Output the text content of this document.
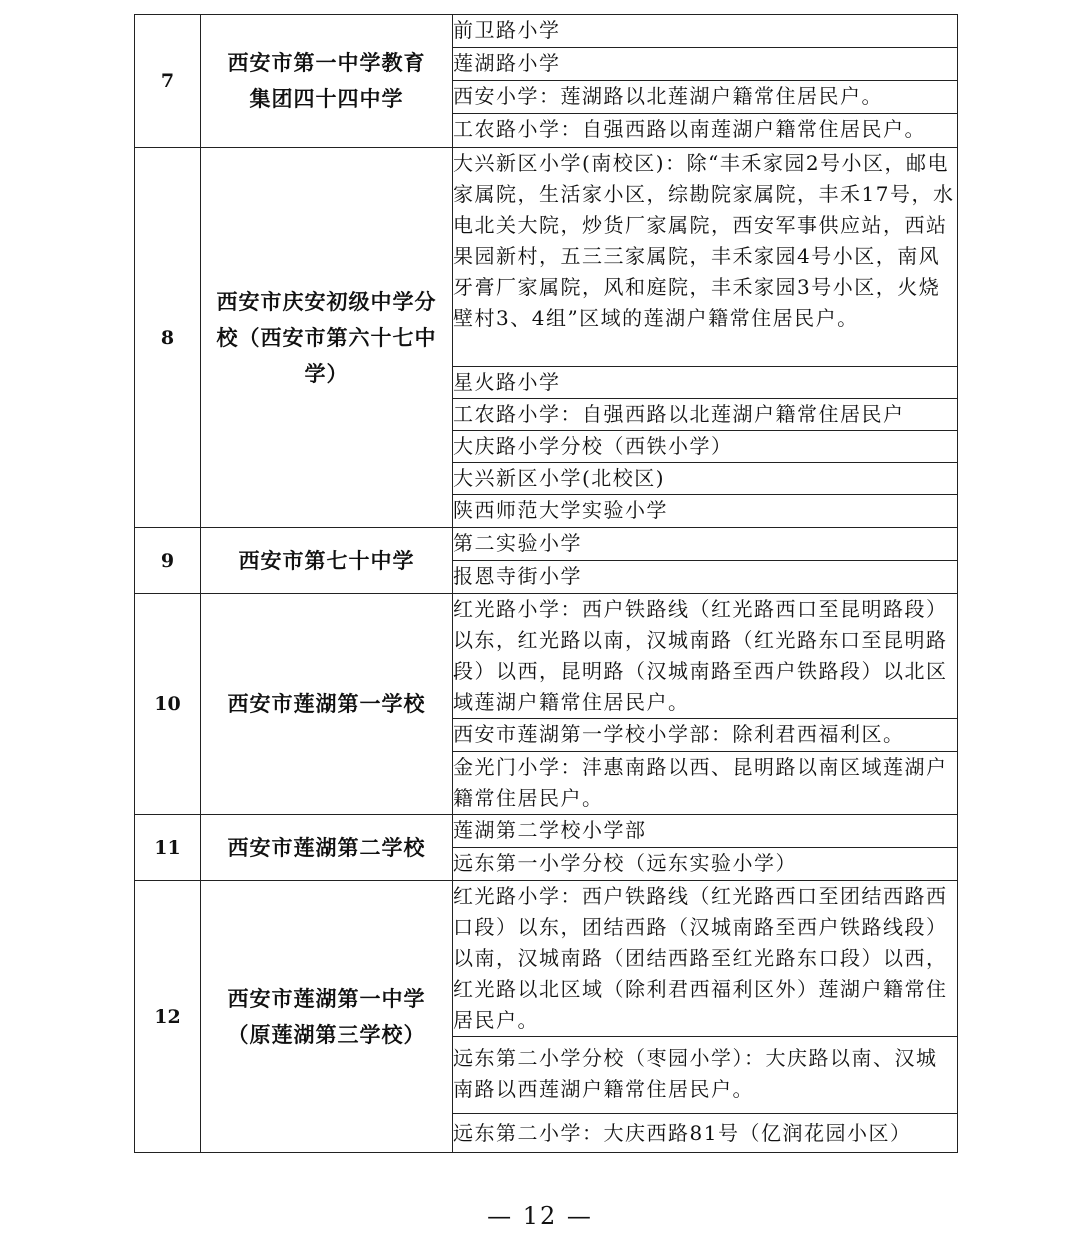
7	西安市第一中学教育集团四十四中学	前卫路小学
		莲湖路小学
		西安小学：莲湖路以北莲湖户籍常住居民户。
		工农路小学：自强西路以南莲湖户籍常住居民户。
8	西安市庆安初级中学分校（西安市第六十七中学）	大兴新区小学(南校区)：除“丰禾家园2号小区，邮电家属院，生活家小区，综勘院家属院，丰禾17号，水电北关大院，炒货厂家属院，西安军事供应站，西站果园新村，五三三家属院，丰禾家园4号小区，南风牙膏厂家属院，风和庭院，丰禾家园3号小区，火烧壁村3、4组”区域的莲湖户籍常住居民户。
		星火路小学
		工农路小学：自强西路以北莲湖户籍常住居民户
		大庆路小学分校（西铁小学）
		大兴新区小学(北校区)
		陕西师范大学实验小学
9	西安市第七十中学	第二实验小学
		报恩寺街小学
10	西安市莲湖第一学校	红光路小学：西户铁路线（红光路西口至昆明路段）以东，红光路以南，汉城南路（红光路东口至昆明路段）以西，昆明路（汉城南路至西户铁路段）以北区域莲湖户籍常住居民户。
		西安市莲湖第一学校小学部：除利君西福利区。
		金光门小学：沣惠南路以西、昆明路以南区域莲湖户籍常住居民户。
11	西安市莲湖第二学校	莲湖第二学校小学部
		远东第一小学分校（远东实验小学）
12	西安市莲湖第一中学（原莲湖第三学校）	红光路小学：西户铁路线（红光路西口至团结西路西口段）以东，团结西路（汉城南路至西户铁路线段）以南，汉城南路（团结西路至红光路东口段）以西，红光路以北区域（除利君西福利区外）莲湖户籍常住居民户。
		远东第二小学分校（枣园小学）：大庆路以南、汉城南路以西莲湖户籍常住居民户。
		远东第二小学：大庆西路81号（亿润花园小区）
— 12 —
